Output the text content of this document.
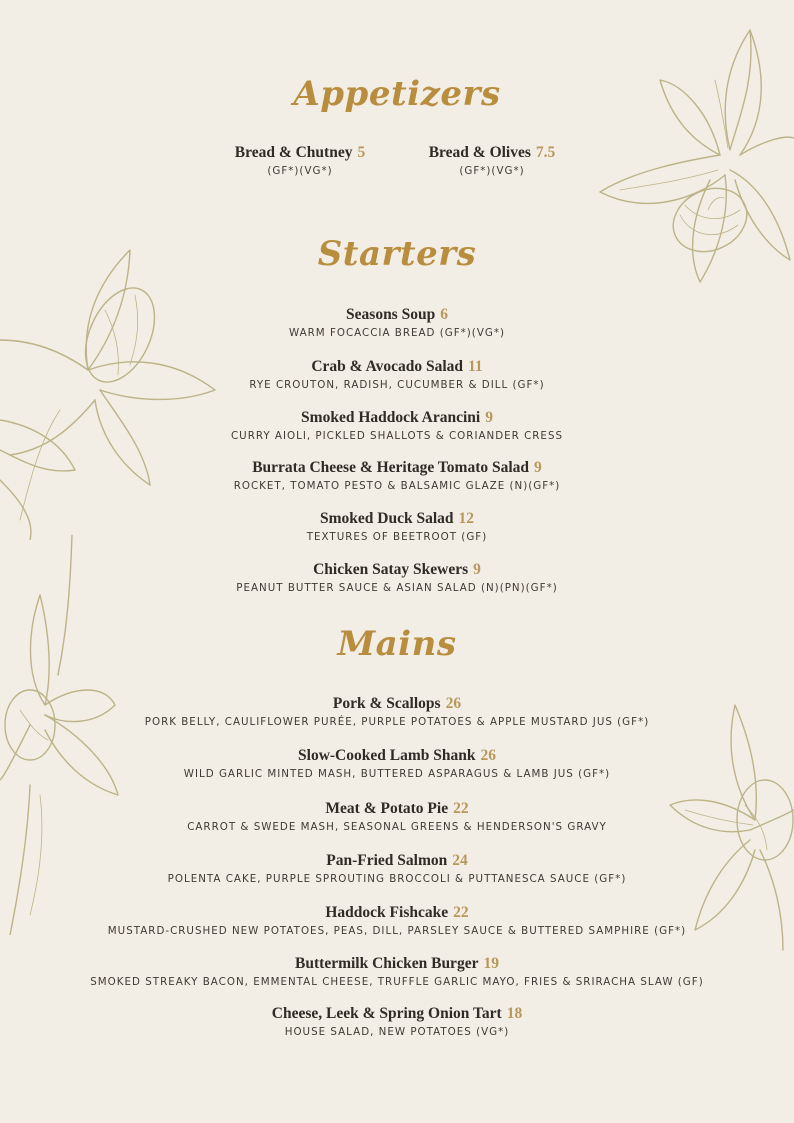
Appetizers
Bread & Chutney 5
(GF*)(VG*)
Bread & Olives 7.5
(GF*)(VG*)
Starters
Seasons Soup 6
WARM FOCACCIA BREAD (GF*)(VG*)
Crab & Avocado Salad 11
RYE CROUTON, RADISH, CUCUMBER & DILL (GF*)
Smoked Haddock Arancini 9
CURRY AIOLI, PICKLED SHALLOTS & CORIANDER CRESS
Burrata Cheese & Heritage Tomato Salad 9
ROCKET, TOMATO PESTO & BALSAMIC GLAZE (N)(GF*)
Smoked Duck Salad 12
TEXTURES OF BEETROOT (GF)
Chicken Satay Skewers 9
PEANUT BUTTER SAUCE & ASIAN SALAD (N)(PN)(GF*)
Mains
Pork & Scallops 26
PORK BELLY, CAULIFLOWER PURÉE, PURPLE POTATOES & APPLE MUSTARD JUS (GF*)
Slow-Cooked Lamb Shank 26
WILD GARLIC MINTED MASH, BUTTERED ASPARAGUS & LAMB JUS (GF*)
Meat & Potato Pie 22
CARROT & SWEDE MASH, SEASONAL GREENS & HENDERSON'S GRAVY
Pan-Fried Salmon 24
POLENTA CAKE, PURPLE SPROUTING BROCCOLI & PUTTANESCA SAUCE (GF*)
Haddock Fishcake 22
MUSTARD-CRUSHED NEW POTATOES, PEAS, DILL, PARSLEY SAUCE & BUTTERED SAMPHIRE (GF*)
Buttermilk Chicken Burger 19
SMOKED STREAKY BACON, EMMENTAL CHEESE, TRUFFLE GARLIC MAYO, FRIES & SRIRACHA SLAW (GF)
Cheese, Leek & Spring Onion Tart 18
HOUSE SALAD, NEW POTATOES (VG*)
